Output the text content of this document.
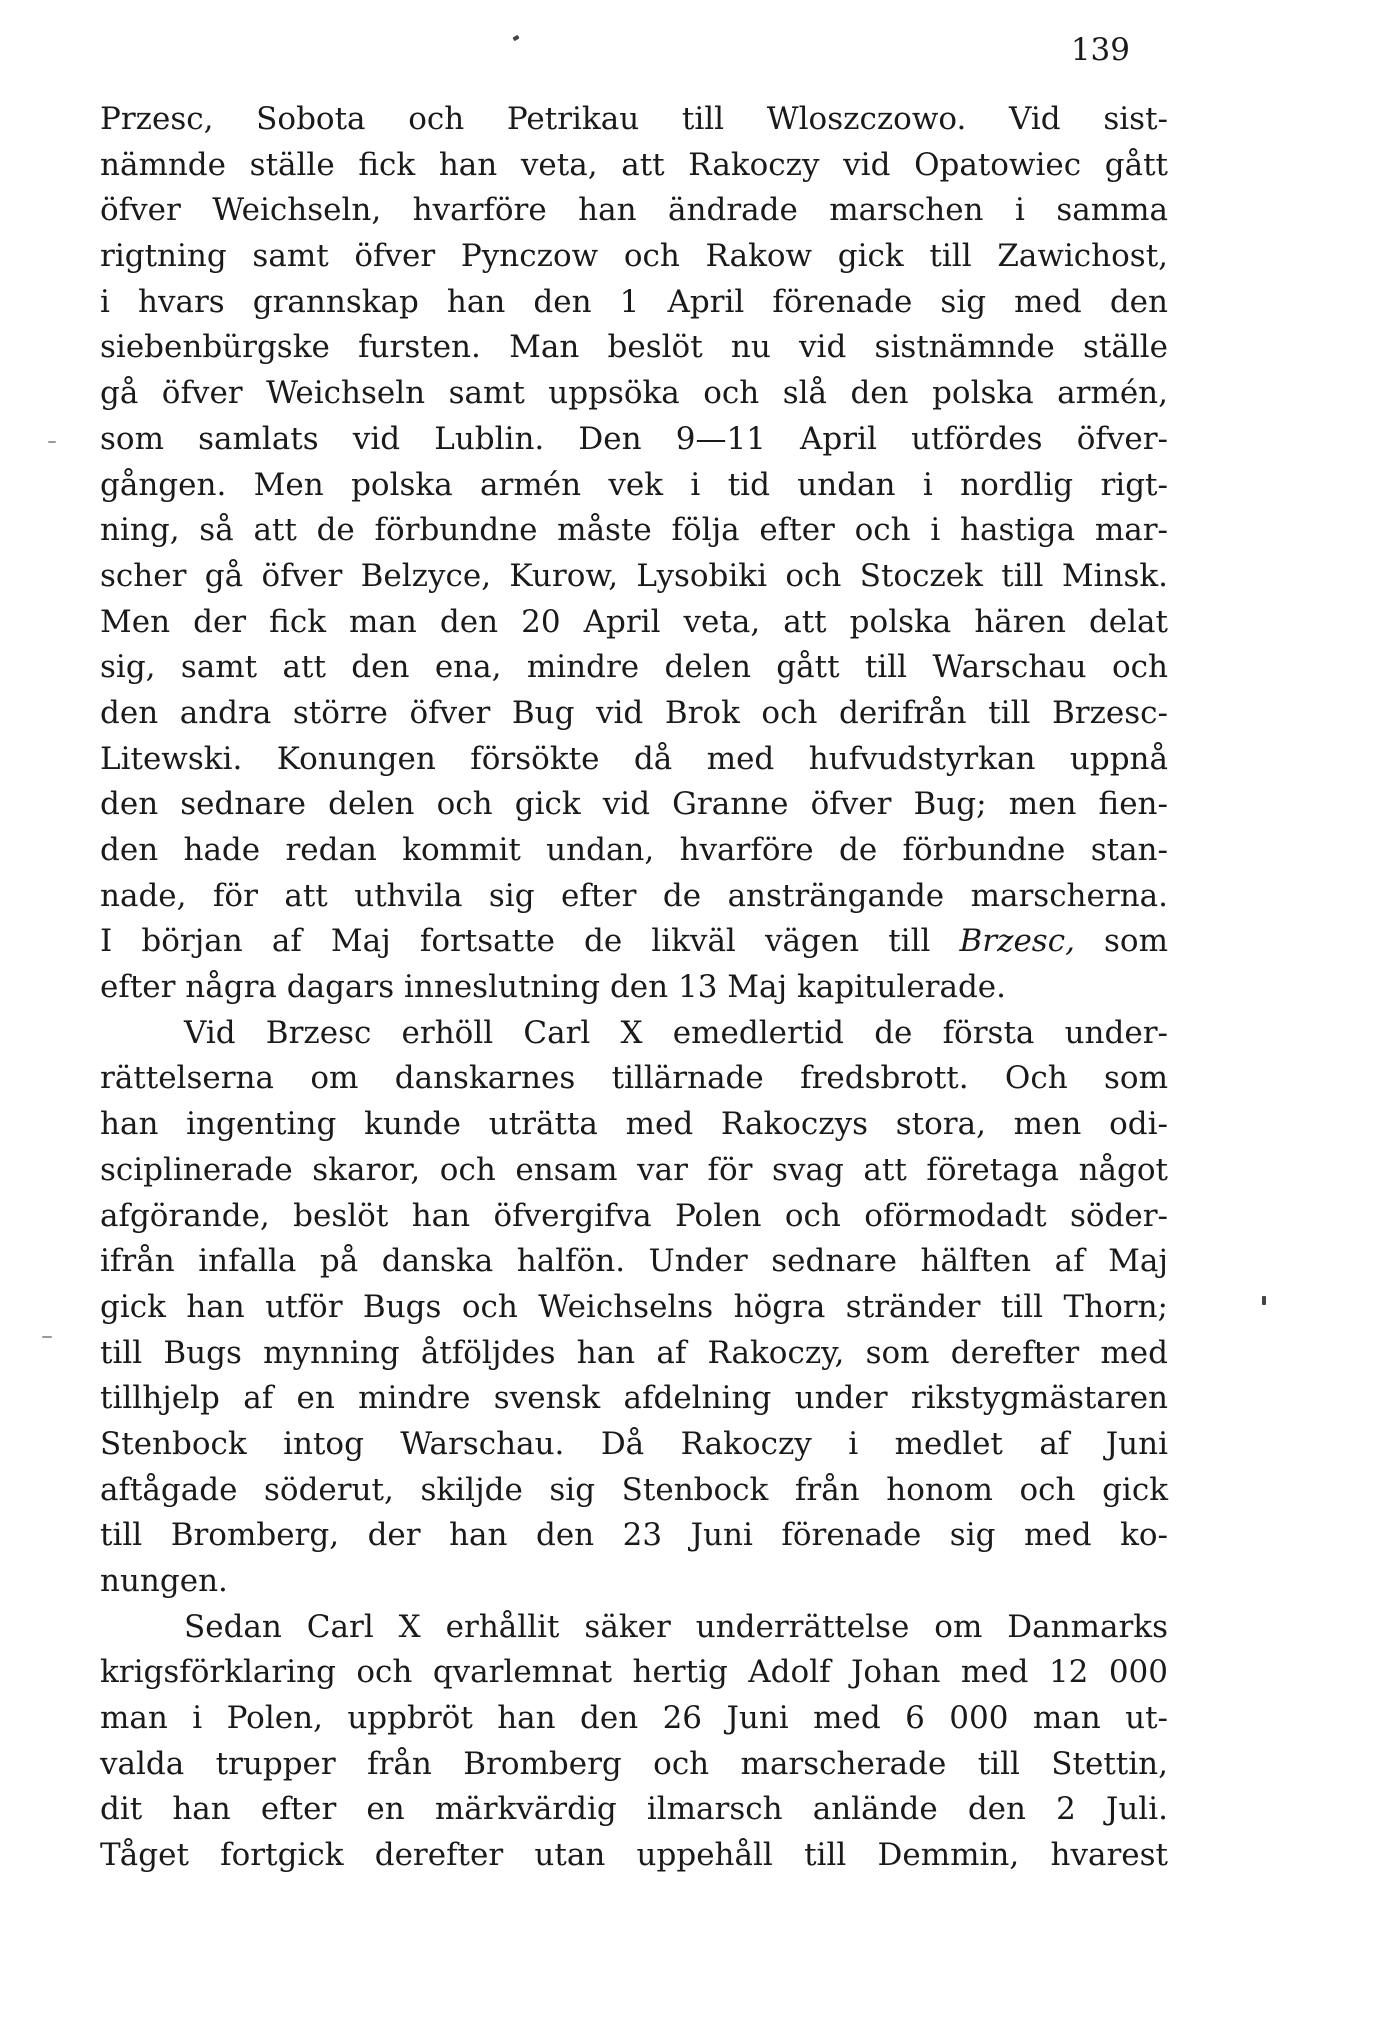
139
Przesc, Sobota och Petrikau till Wloszczowo. Vid sist-
nämnde ställe fick han veta, att Rakoczy vid Opatowiec gått
öfver Weichseln, hvarföre han ändrade marschen i samma
rigtning samt öfver Pynczow och Rakow gick till Zawichost,
i hvars grannskap han den 1 April förenade sig med den
siebenbürgske fursten. Man beslöt nu vid sistnämnde ställe
gå öfver Weichseln samt uppsöka och slå den polska armén,
som samlats vid Lublin. Den 9—11 April utfördes öfver-
gången. Men polska armén vek i tid undan i nordlig rigt-
ning, så att de förbundne måste följa efter och i hastiga mar-
scher gå öfver Belzyce, Kurow, Lysobiki och Stoczek till Minsk.
Men der fick man den 20 April veta, att polska hären delat
sig, samt att den ena, mindre delen gått till Warschau och
den andra större öfver Bug vid Brok och derifrån till Brzesc-
Litewski. Konungen försökte då med hufvudstyrkan uppnå
den sednare delen och gick vid Granne öfver Bug; men fien-
den hade redan kommit undan, hvarföre de förbundne stan-
nade, för att uthvila sig efter de ansträngande marscherna.
I början af Maj fortsatte de likväl vägen till Brzesc, som
efter några dagars inneslutning den 13 Maj kapitulerade.
Vid Brzesc erhöll Carl X emedlertid de första under-
rättelserna om danskarnes tillärnade fredsbrott. Och som
han ingenting kunde uträtta med Rakoczys stora, men odi-
sciplinerade skaror, och ensam var för svag att företaga något
afgörande, beslöt han öfvergifva Polen och oförmodadt söder-
ifrån infalla på danska halfön. Under sednare hälften af Maj
gick han utför Bugs och Weichselns högra stränder till Thorn;
till Bugs mynning åtföljdes han af Rakoczy, som derefter med
tillhjelp af en mindre svensk afdelning under rikstygmästaren
Stenbock intog Warschau. Då Rakoczy i medlet af Juni
aftågade söderut, skiljde sig Stenbock från honom och gick
till Bromberg, der han den 23 Juni förenade sig med ko-
nungen.
Sedan Carl X erhållit säker underrättelse om Danmarks
krigsförklaring och qvarlemnat hertig Adolf Johan med 12 000
man i Polen, uppbröt han den 26 Juni med 6 000 man ut-
valda trupper från Bromberg och marscherade till Stettin,
dit han efter en märkvärdig ilmarsch anlände den 2 Juli.
Tåget fortgick derefter utan uppehåll till Demmin, hvarest
